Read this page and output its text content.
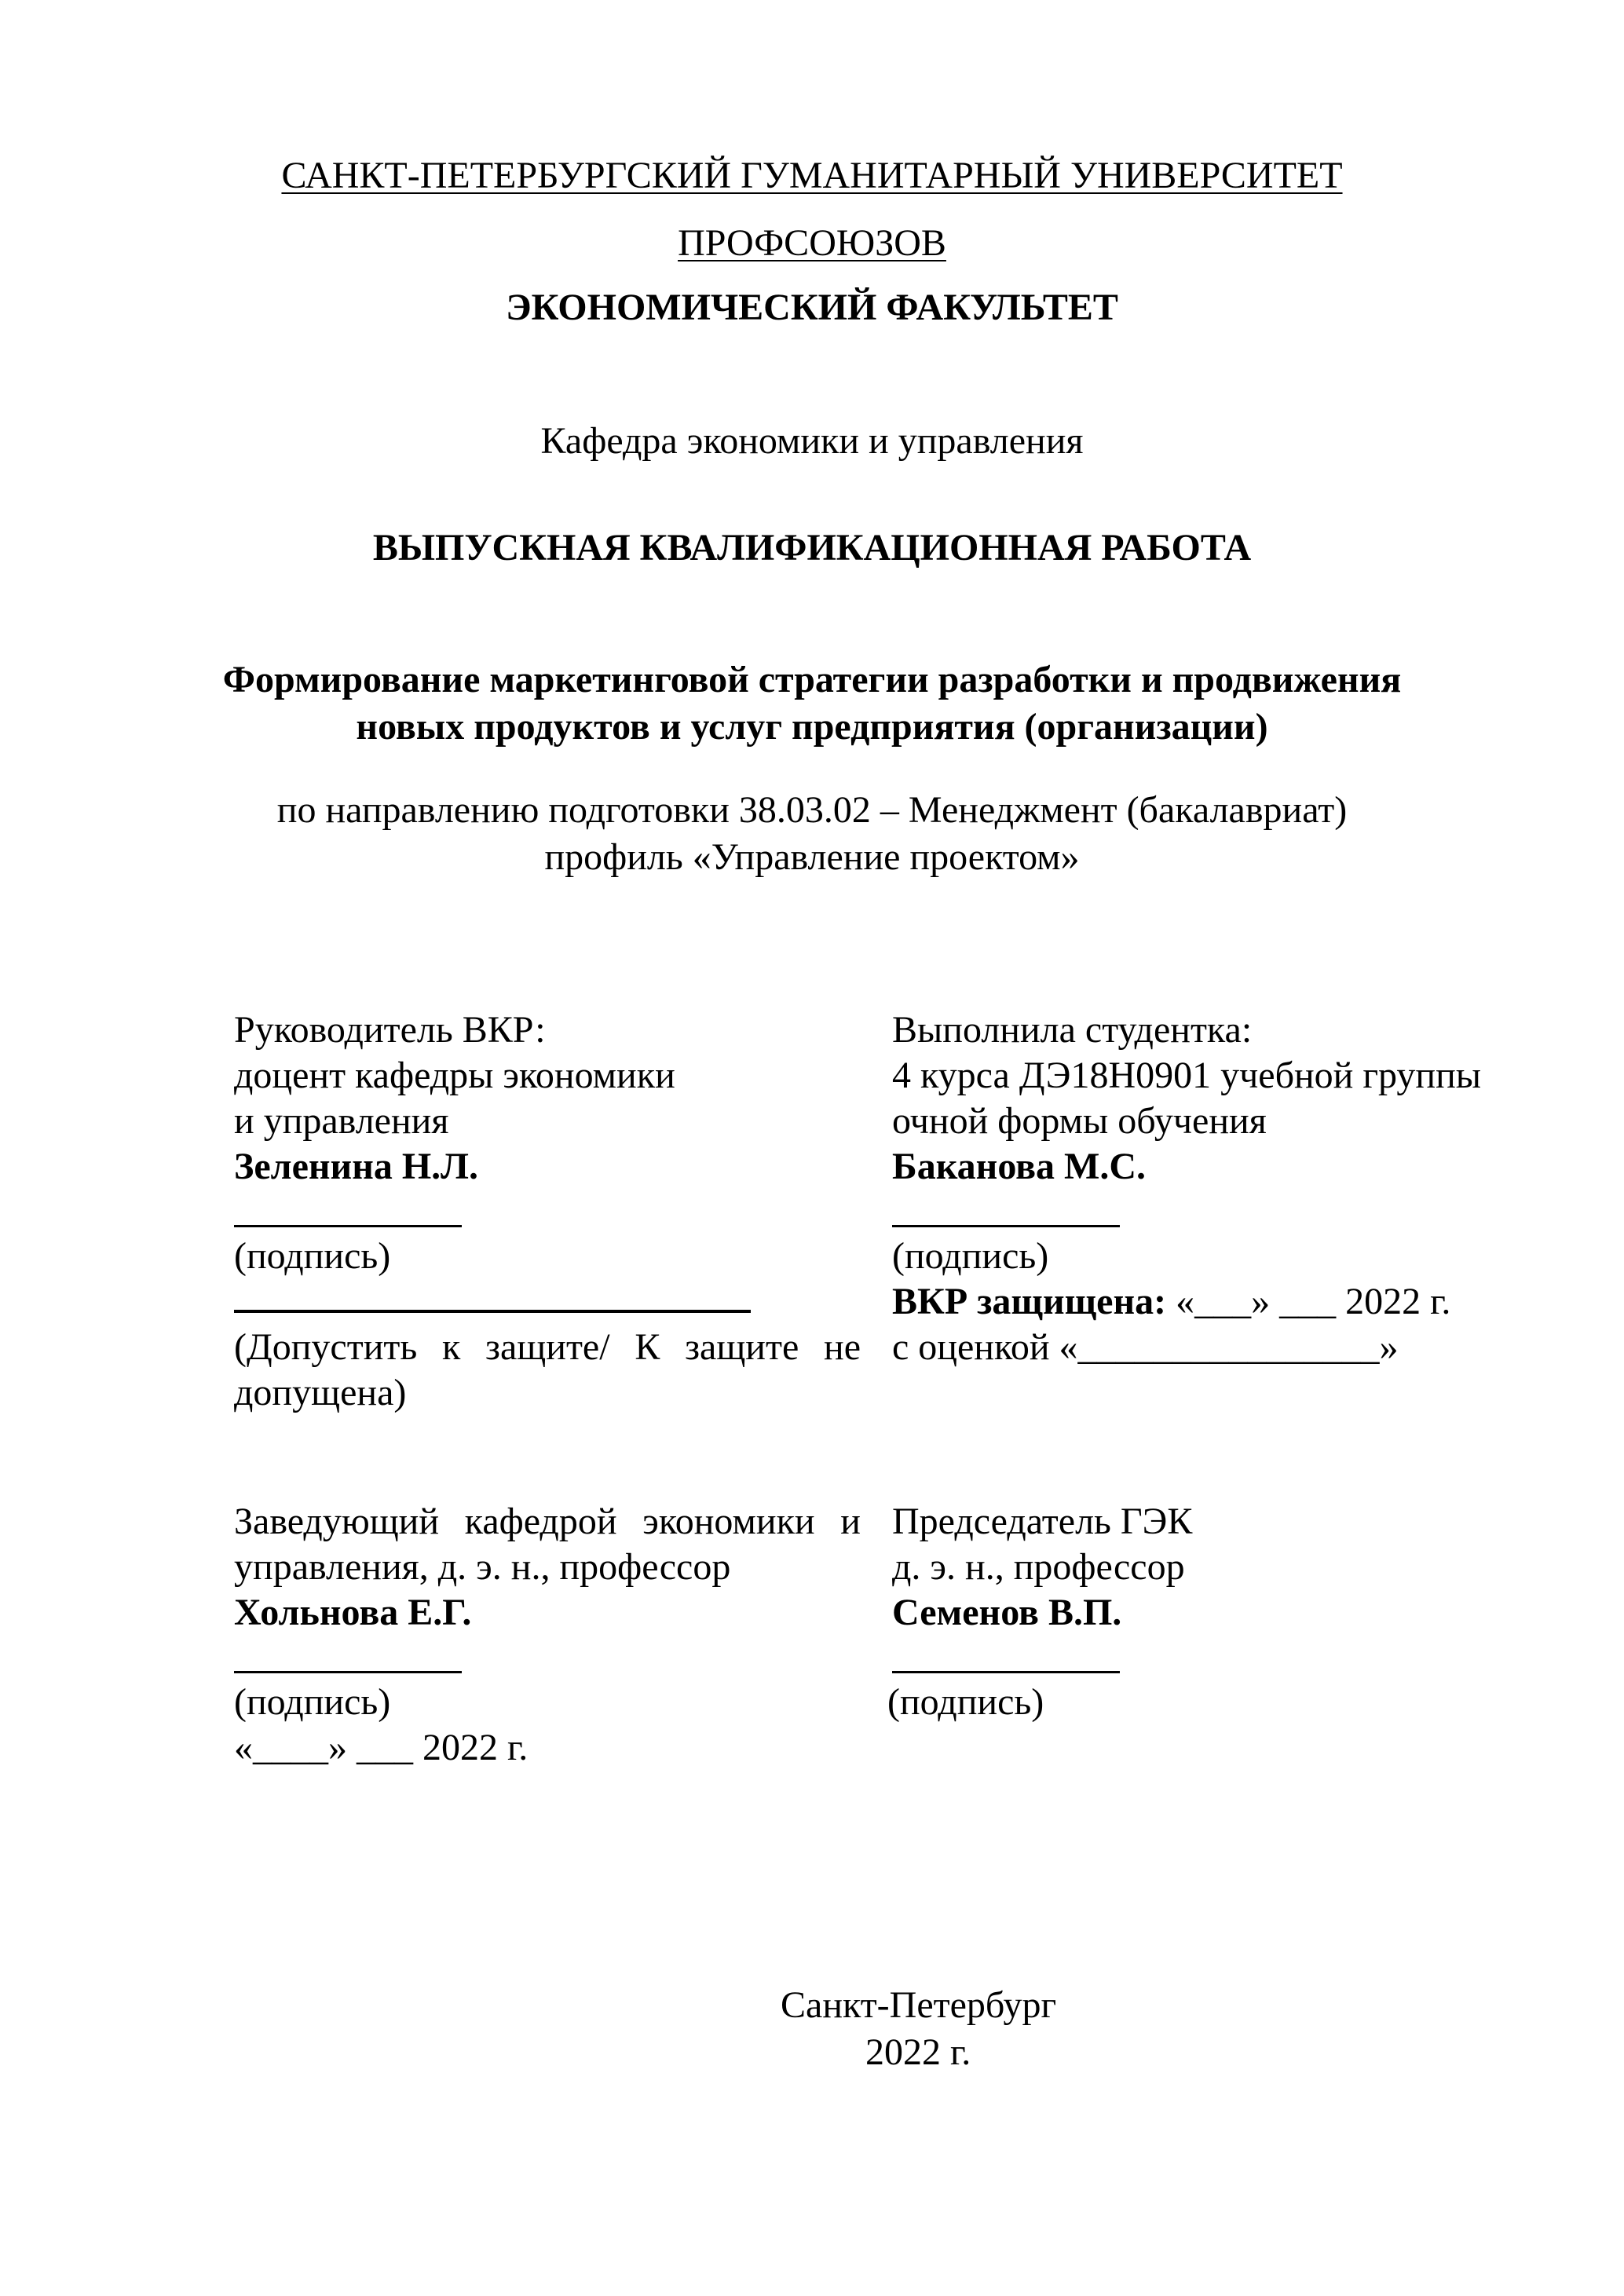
САНКТ-ПЕТЕРБУРГСКИЙ ГУМАНИТАРНЫЙ УНИВЕРСИТЕТ
ПРОФСОЮЗОВ
ЭКОНОМИЧЕСКИЙ ФАКУЛЬТЕТ
Кафедра экономики и управления
ВЫПУСКНАЯ КВАЛИФИКАЦИОННАЯ РАБОТА
Формирование маркетинговой стратегии разработки и продвижения
новых продуктов и услуг предприятия (организации)
по направлению подготовки 38.03.02 – Менеджмент (бакалавриат)
профиль «Управление проектом»
Руководитель ВКР:
доцент кафедры экономики
и управления
Зеленина Н.Л.
(подпись)
(Допустить к защите/ К защите не
допущена)
Выполнила студентка:
4 курса ДЭ18Н0901 учебной группы
очной формы обучения
Баканова М.С.
(подпись)
ВКР защищена: «___» ___ 2022 г.
с оценкой «________________»
Заведующий кафедрой экономики и
управления, д. э. н., профессор
Хольнова Е.Г.
(подпись)
«____» ___ 2022 г.
Председатель ГЭК
д. э. н., профессор
Семенов В.П.
(подпись)
Санкт-Петербург
2022 г.
